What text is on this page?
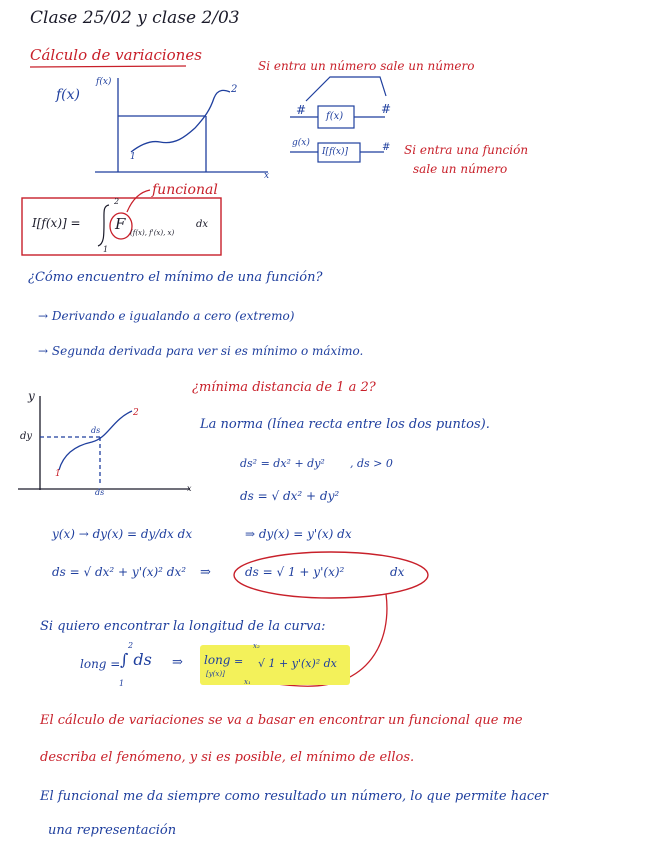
Clase 25/02 y clase 2/03
Cálculo de variaciones
f(x)
f(x)
x
1
2
Si entra un número sale un número
# f(x)
#
g(x)
I[f(x)]	# Si entra una función
sale un número
funcional
I[f(x)] =
2
1
F (f(x), f'(x), x)
dx
¿Cómo encuentro el mínimo de una función?
→ Derivando e igualando a cero (extremo)
→ Segunda derivada para ver si es mínimo o máximo.
y
x
dy
ds
ds
1
2
¿mínima distancia de 1 a 2?
La norma (línea recta entre los dos puntos).
ds² = dx² + dy² , ds > 0
ds = √ dx² + dy²
y(x) → dy(x) = dy/dx dx	⇒ dy(x) = y'(x) dx
ds = √ dx² + y'(x)² dx² ⇒	ds = √ 1 + y'(x)²	dx
Si quiero encontrar la longitud de la curva:
long = ∫ ds
2
1
⇒ long
[y(x)]
=
x₂
x₁
√ 1 + y'(x)² dx
El cálculo de variaciones se va a basar en encontrar un funcional que me
describa el fenómeno, y si es posible, el mínimo de ellos.
El funcional me da siempre como resultado un número, lo que permite hacer
una representación
